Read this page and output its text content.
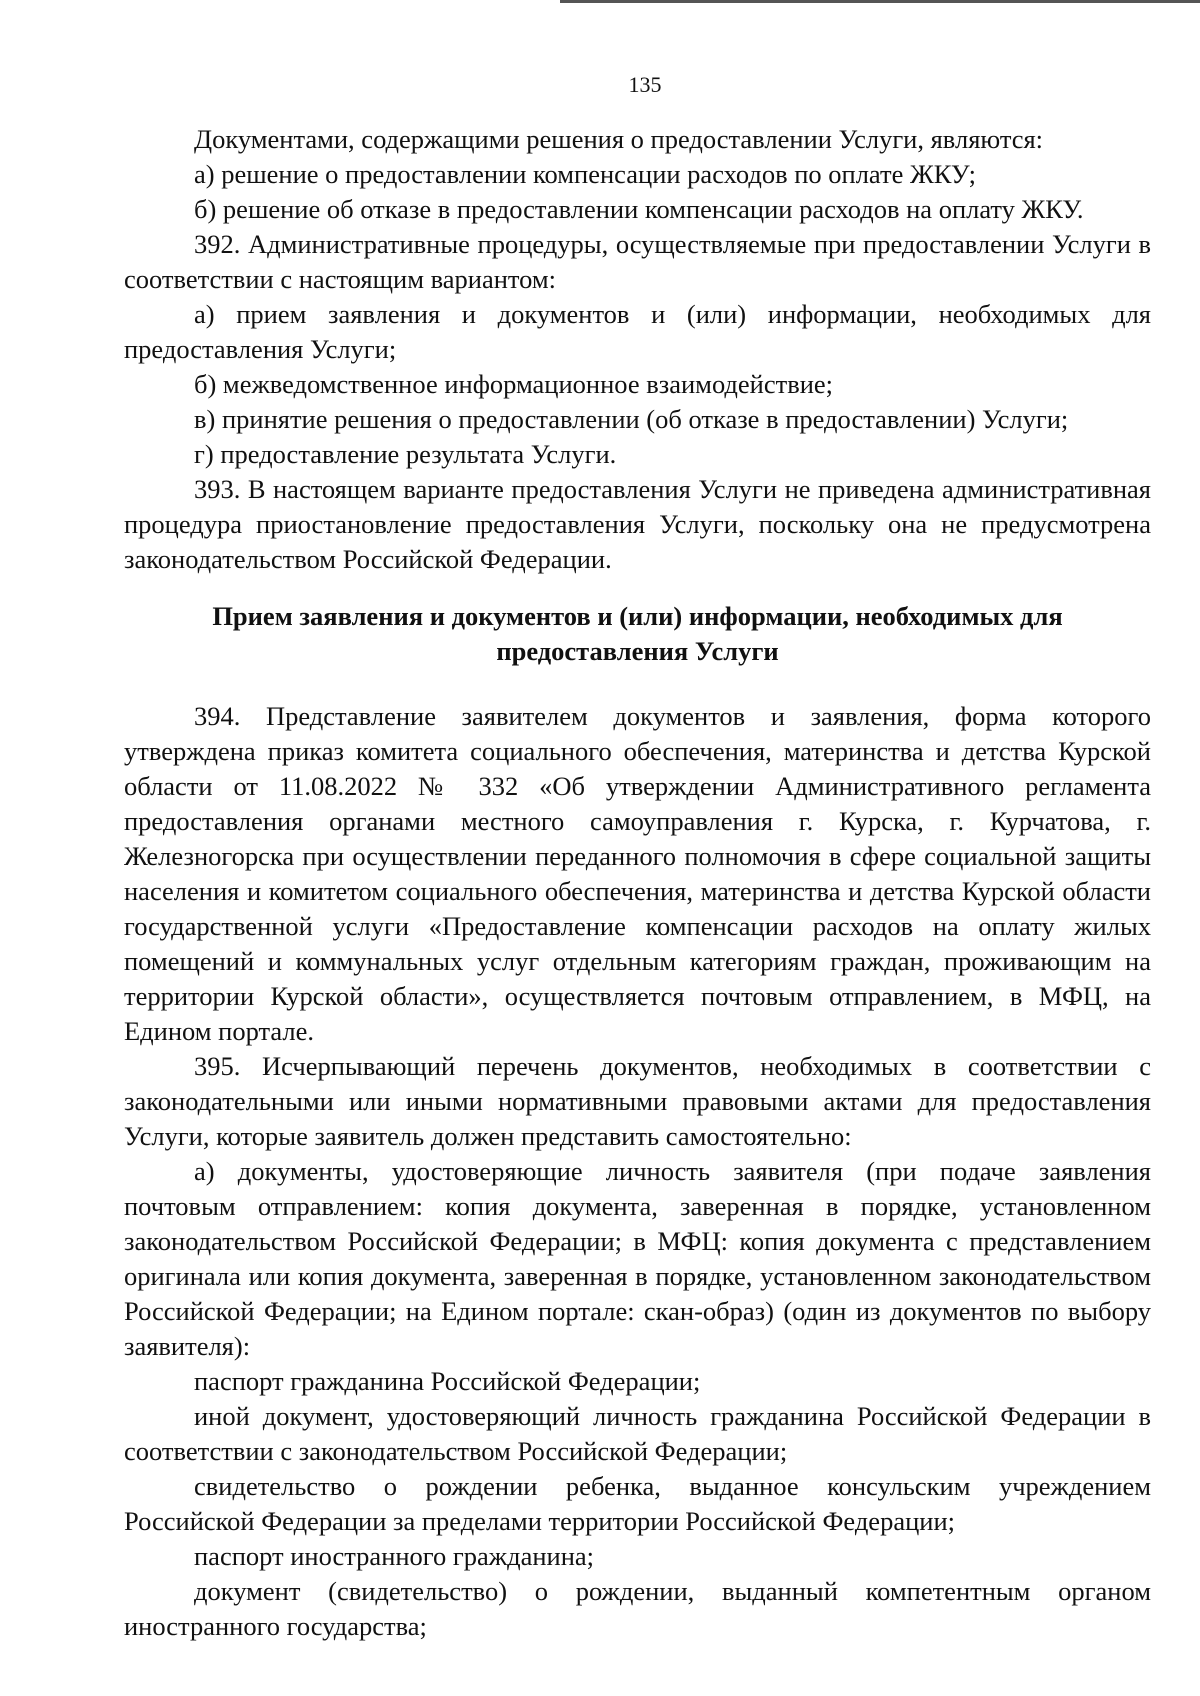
135

Документами, содержащими решения о предоставлении Услуги, являются:

а) решение о предоставлении компенсации расходов по оплате ЖКУ;

б) решение об отказе в предоставлении компенсации расходов на оплату ЖКУ.

392. Административные процедуры, осуществляемые при предоставлении Услуги в соответствии с настоящим вариантом:

а) прием заявления и документов и (или) информации, необходимых для предоставления Услуги;

б) межведомственное информационное взаимодействие;

в) принятие решения о предоставлении (об отказе в предоставлении) Услуги;

г) предоставление результата Услуги.

393. В настоящем варианте предоставления Услуги не приведена административная процедура приостановление предоставления Услуги, поскольку она не предусмотрена законодательством Российской Федерации.

Прием заявления и документов и (или) информации, необходимых для
предоставления Услуги

394. Представление заявителем документов и заявления, форма которого утверждена приказ комитета социального обеспечения, материнства и детства Курской области от 11.08.2022 № 332 «Об утверждении Административного регламента предоставления органами местного самоуправления г. Курска, г. Курчатова, г. Железногорска при осуществлении переданного полномочия в сфере социальной защиты населения и комитетом социального обеспечения, материнства и детства Курской области государственной услуги «Предоставление компенсации расходов на оплату жилых помещений и коммунальных услуг отдельным категориям граждан, проживающим на территории Курской области», осуществляется почтовым отправлением, в МФЦ, на Едином портале.

395. Исчерпывающий перечень документов, необходимых в соответствии с законодательными или иными нормативными правовыми актами для предоставления Услуги, которые заявитель должен представить самостоятельно:

а) документы, удостоверяющие личность заявителя (при подаче заявления почтовым отправлением: копия документа, заверенная в порядке, установленном законодательством Российской Федерации; в МФЦ: копия документа с представлением оригинала или копия документа, заверенная в порядке, установленном законодательством Российской Федерации; на Едином портале: скан-образ) (один из документов по выбору заявителя):

паспорт гражданина Российской Федерации;

иной документ, удостоверяющий личность гражданина Российской Федерации в соответствии с законодательством Российской Федерации;

свидетельство о рождении ребенка, выданное консульским учреждением Российской Федерации за пределами территории Российской Федерации;

паспорт иностранного гражданина;

документ (свидетельство) о рождении, выданный компетентным органом иностранного государства;
